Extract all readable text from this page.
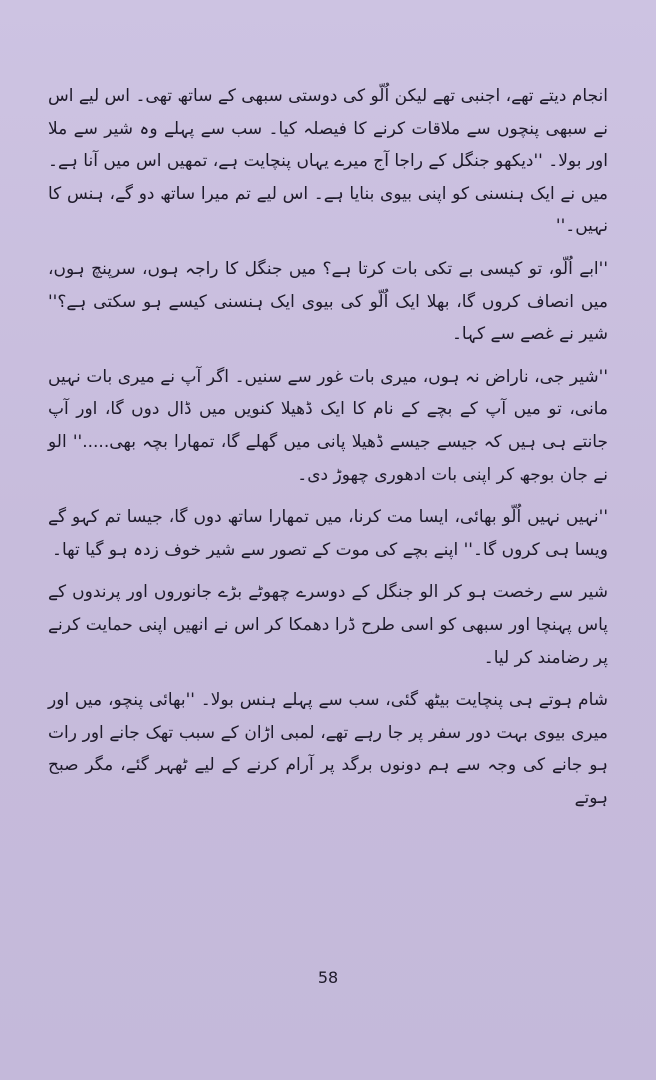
انجام دیتے تھے، اجنبی تھے لیکن اُلّو کی دوستی سبھی کے ساتھ تھی۔ اس لیے اس نے سبھی پنچوں سے ملاقات کرنے کا فیصلہ کیا۔ سب سے پہلے وہ شیر سے ملا اور بولا۔ ''دیکھو جنگل کے راجا آج میرے یہاں پنچایت ہے، تمھیں اس میں آنا ہے۔ میں نے ایک ہنسنی کو اپنی بیوی بنایا ہے۔ اس لیے تم میرا ساتھ دو گے، ہنس کا نہیں۔''

''ابے اُلّو، تو کیسی بے تکی بات کرتا ہے؟ میں جنگل کا راجہ ہوں، سرپنچ ہوں، میں انصاف کروں گا، بھلا ایک اُلّو کی بیوی ایک ہنسنی کیسے ہو سکتی ہے؟'' شیر نے غصے سے کہا۔

''شیر جی، ناراض نہ ہوں، میری بات غور سے سنیں۔ اگر آپ نے میری بات نہیں مانی، تو میں آپ کے بچے کے نام کا ایک ڈھیلا کنویں میں ڈال دوں گا، اور آپ جانتے ہی ہیں کہ جیسے جیسے ڈھیلا پانی میں گھلے گا، تمھارا بچہ بھی.....'' الو نے جان بوجھ کر اپنی بات ادھوری چھوڑ دی۔

''نہیں نہیں اُلّو بھائی، ایسا مت کرنا، میں تمھارا ساتھ دوں گا، جیسا تم کہو گے ویسا ہی کروں گا۔'' اپنے بچے کی موت کے تصور سے شیر خوف زدہ ہو گیا تھا۔

شیر سے رخصت ہو کر الو جنگل کے دوسرے چھوٹے بڑے جانوروں اور پرندوں کے پاس پہنچا اور سبھی کو اسی طرح ڈرا دھمکا کر اس نے انھیں اپنی حمایت کرنے پر رضامند کر لیا۔

شام ہوتے ہی پنچایت بیٹھ گئی، سب سے پہلے ہنس بولا۔ ''بھائی پنچو، میں اور میری بیوی بہت دور سفر پر جا رہے تھے، لمبی اڑان کے سبب تھک جانے اور رات ہو جانے کی وجہ سے ہم دونوں برگد پر آرام کرنے کے لیے ٹھہر گئے، مگر صبح ہوتے

58
